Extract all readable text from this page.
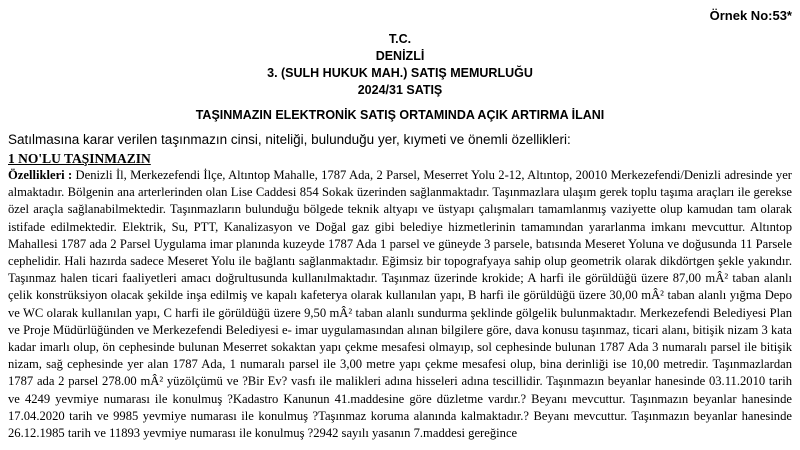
Örnek No:53*
T.C.
DENİZLİ
3. (SULH HUKUK MAH.) SATIŞ MEMURLUĞU
2024/31 SATIŞ
TAŞINMAZIN ELEKTRONİK SATIŞ ORTAMINDA AÇIK ARTIRMA İLANI
Satılmasına karar verilen taşınmazın cinsi, niteliği, bulunduğu yer, kıymeti ve önemli özellikleri:
1 NO'LU TAŞINMAZIN
Özellikleri : Denizli İl, Merkezefendi İlçe, Altıntop Mahalle, 1787 Ada, 2 Parsel, Meserret Yolu 2-12, Altıntop, 20010 Merkezefendi/Denizli adresinde yer almaktadır. Bölgenin ana arterlerinden olan Lise Caddesi 854 Sokak üzerinden sağlanmaktadır. Taşınmazlara ulaşım gerek toplu taşıma araçları ile gerekse özel araçla sağlanabilmektedir. Taşınmazların bulunduğu bölgede teknik altyapı ve üstyapı çalışmaları tamamlanmış vaziyette olup kamudan tam olarak istifade edilmektedir. Elektrik, Su, PTT, Kanalizasyon ve Doğal gaz gibi belediye hizmetlerinin tamamından yararlanma imkanı mevcuttur. Altıntop Mahallesi 1787 ada 2 Parsel Uygulama imar planında kuzeyde 1787 Ada 1 parsel ve güneyde 3 parsele, batısında Meseret Yoluna ve doğusunda 11 Parsele cephelidir. Hali hazırda sadece Meseret Yolu ile bağlantı sağlanmaktadır. Eğimsiz bir topografyaya sahip olup geometrik olarak dikdörtgen şekle yakındır. Taşınmaz halen ticari faaliyetleri amacı doğrultusunda kullanılmaktadır. Taşınmaz üzerinde krokide; A harfi ile görüldüğü üzere 87,00 mÂ² taban alanlı çelik konstrüksiyon olacak şekilde inşa edilmiş ve kapalı kafeterya olarak kullanılan yapı, B harfi ile görüldüğü üzere 30,00 mÂ² taban alanlı yığma Depo ve WC olarak kullanılan yapı, C harfi ile görüldüğü üzere 9,50 mÂ² taban alanlı sundurma şeklinde gölgelik bulunmaktadır. Merkezefendi Belediyesi Plan ve Proje Müdürlüğünden ve Merkezefendi Belediyesi e- imar uygulamasından alınan bilgilere göre, dava konusu taşınmaz, ticari alanı, bitişik nizam 3 kata kadar imarlı olup, ön cephesinde bulunan Meserret sokaktan yapı çekme mesafesi olmayıp, sol cephesinde bulunan 1787 Ada 3 numaralı parsel ile bitişik nizam, sağ cephesinde yer alan 1787 Ada, 1 numaralı parsel ile 3,00 metre yapı çekme mesafesi olup, bina derinliği ise 10,00 metredir. Taşınmazlardan 1787 ada 2 parsel 278.00 mÂ² yüzölçümü ve ?Bir Ev? vasfı ile malikleri adına hisseleri adına tescillidir. Taşınmazın beyanlar hanesinde 03.11.2010 tarih ve 4249 yevmiye numarası ile konulmuş ?Kadastro Kanunun 41.maddesine göre düzletme vardır.? Beyanı mevcuttur. Taşınmazın beyanlar hanesinde 17.04.2020 tarih ve 9985 yevmiye numarası ile konulmuş ?Taşınmaz koruma alanında kalmaktadır.? Beyanı mevcuttur. Taşınmazın beyanlar hanesinde 26.12.1985 tarih ve 11893 yevmiye numarası ile konulmuş ?2942 sayılı yasanın 7.maddesi gereğince
